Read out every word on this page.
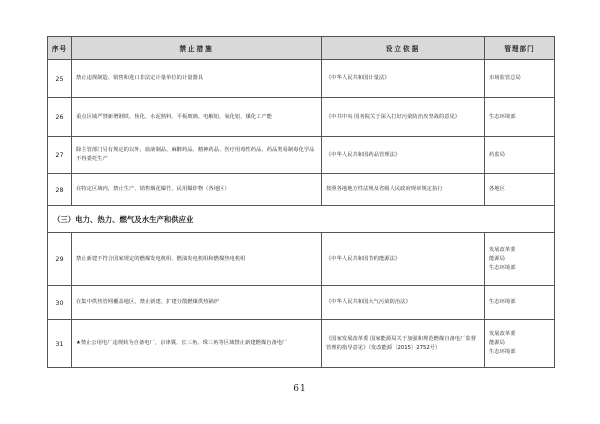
序号	禁止措施	设立依据	管理部门
25	禁止违规制造、销售和进口非法定计量单位的计量器具	《中华人民共和国计量法》	市场监管总局
26	重点区域严禁新增钢铁、焦化、水泥熟料、平板玻璃、电解铝、氧化铝、煤化工产能	《中共中央 国务院关于深入打好污染防治攻坚战的意见》	生态环境部
27	除主管部门另有规定的以外，血液制品、麻醉药品、精神药品、医疗用毒性药品、药品类易制毒化学品不得委托生产	《中华人民共和国药品管理法》	药监局
28	在特定区域内，禁止生产、销售烟花爆竹、民用爆炸物（各地区）	按照各地地方性法规及省级人民政府规章规定执行	各地区
（三）电力、热力、燃气及水生产和供应业			
29	禁止新建不符合国家规定的燃煤发电机组、燃油发电机组和燃煤热电机组	《中华人民共和国节约能源法》	发展改革委
能源局
生态环境部

30	在集中供热管网覆盖地区，禁止新建、扩建分散燃煤供热锅炉	《中华人民共和国大气污染防治法》	生态环境部

31	★禁止公用电厂违规转为自备电厂，京津冀、长三角、珠三角等区域禁止新建燃煤自备电厂	《国家发展改革委 国家能源局关于加强和规范燃煤自备电厂监督管理的指导意见》（发改能源〔2015〕2752号）	发展改革委
能源局
生态环境部
61
